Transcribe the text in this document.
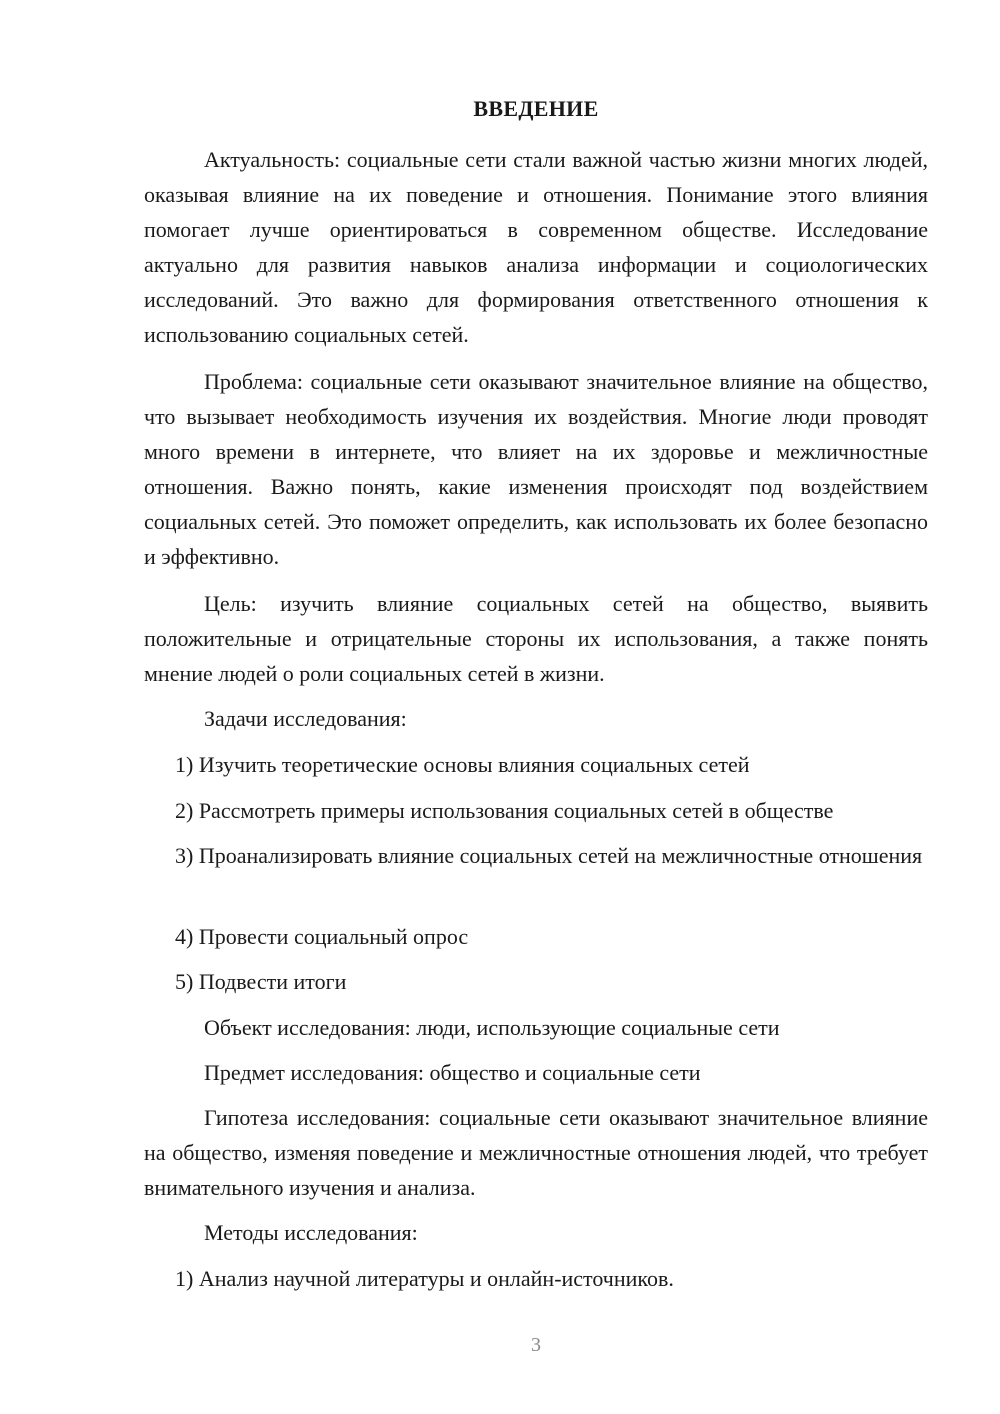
ВВЕДЕНИЕ

Актуальность: социальные сети стали важной частью жизни многих людей, оказывая влияние на их поведение и отношения. Понимание этого влияния помогает лучше ориентироваться в современном обществе. Исследование актуально для развития навыков анализа информации и социологических исследований. Это важно для формирования ответственного отношения к использованию социальных сетей.

Проблема: социальные сети оказывают значительное влияние на общество, что вызывает необходимость изучения их воздействия. Многие люди проводят много времени в интернете, что влияет на их здоровье и межличностные отношения. Важно понять, какие изменения происходят под воздействием социальных сетей. Это поможет определить, как использовать их более безопасно и эффективно.

Цель: изучить влияние социальных сетей на общество, выявить положительные и отрицательные стороны их использования, а также понять мнение людей о роли социальных сетей в жизни.

Задачи исследования:

1) Изучить теоретические основы влияния социальных сетей

2) Рассмотреть примеры использования социальных сетей в обществе

3) Проанализировать влияние социальных сетей на межличностные отношения

4) Провести социальный опрос

5) Подвести итоги

Объект исследования: люди, использующие социальные сети

Предмет исследования: общество и социальные сети

Гипотеза исследования: социальные сети оказывают значительное влияние на общество, изменяя поведение и межличностные отношения людей, что требует внимательного изучения и анализа.

Методы исследования:

1) Анализ научной литературы и онлайн-источников.

3
